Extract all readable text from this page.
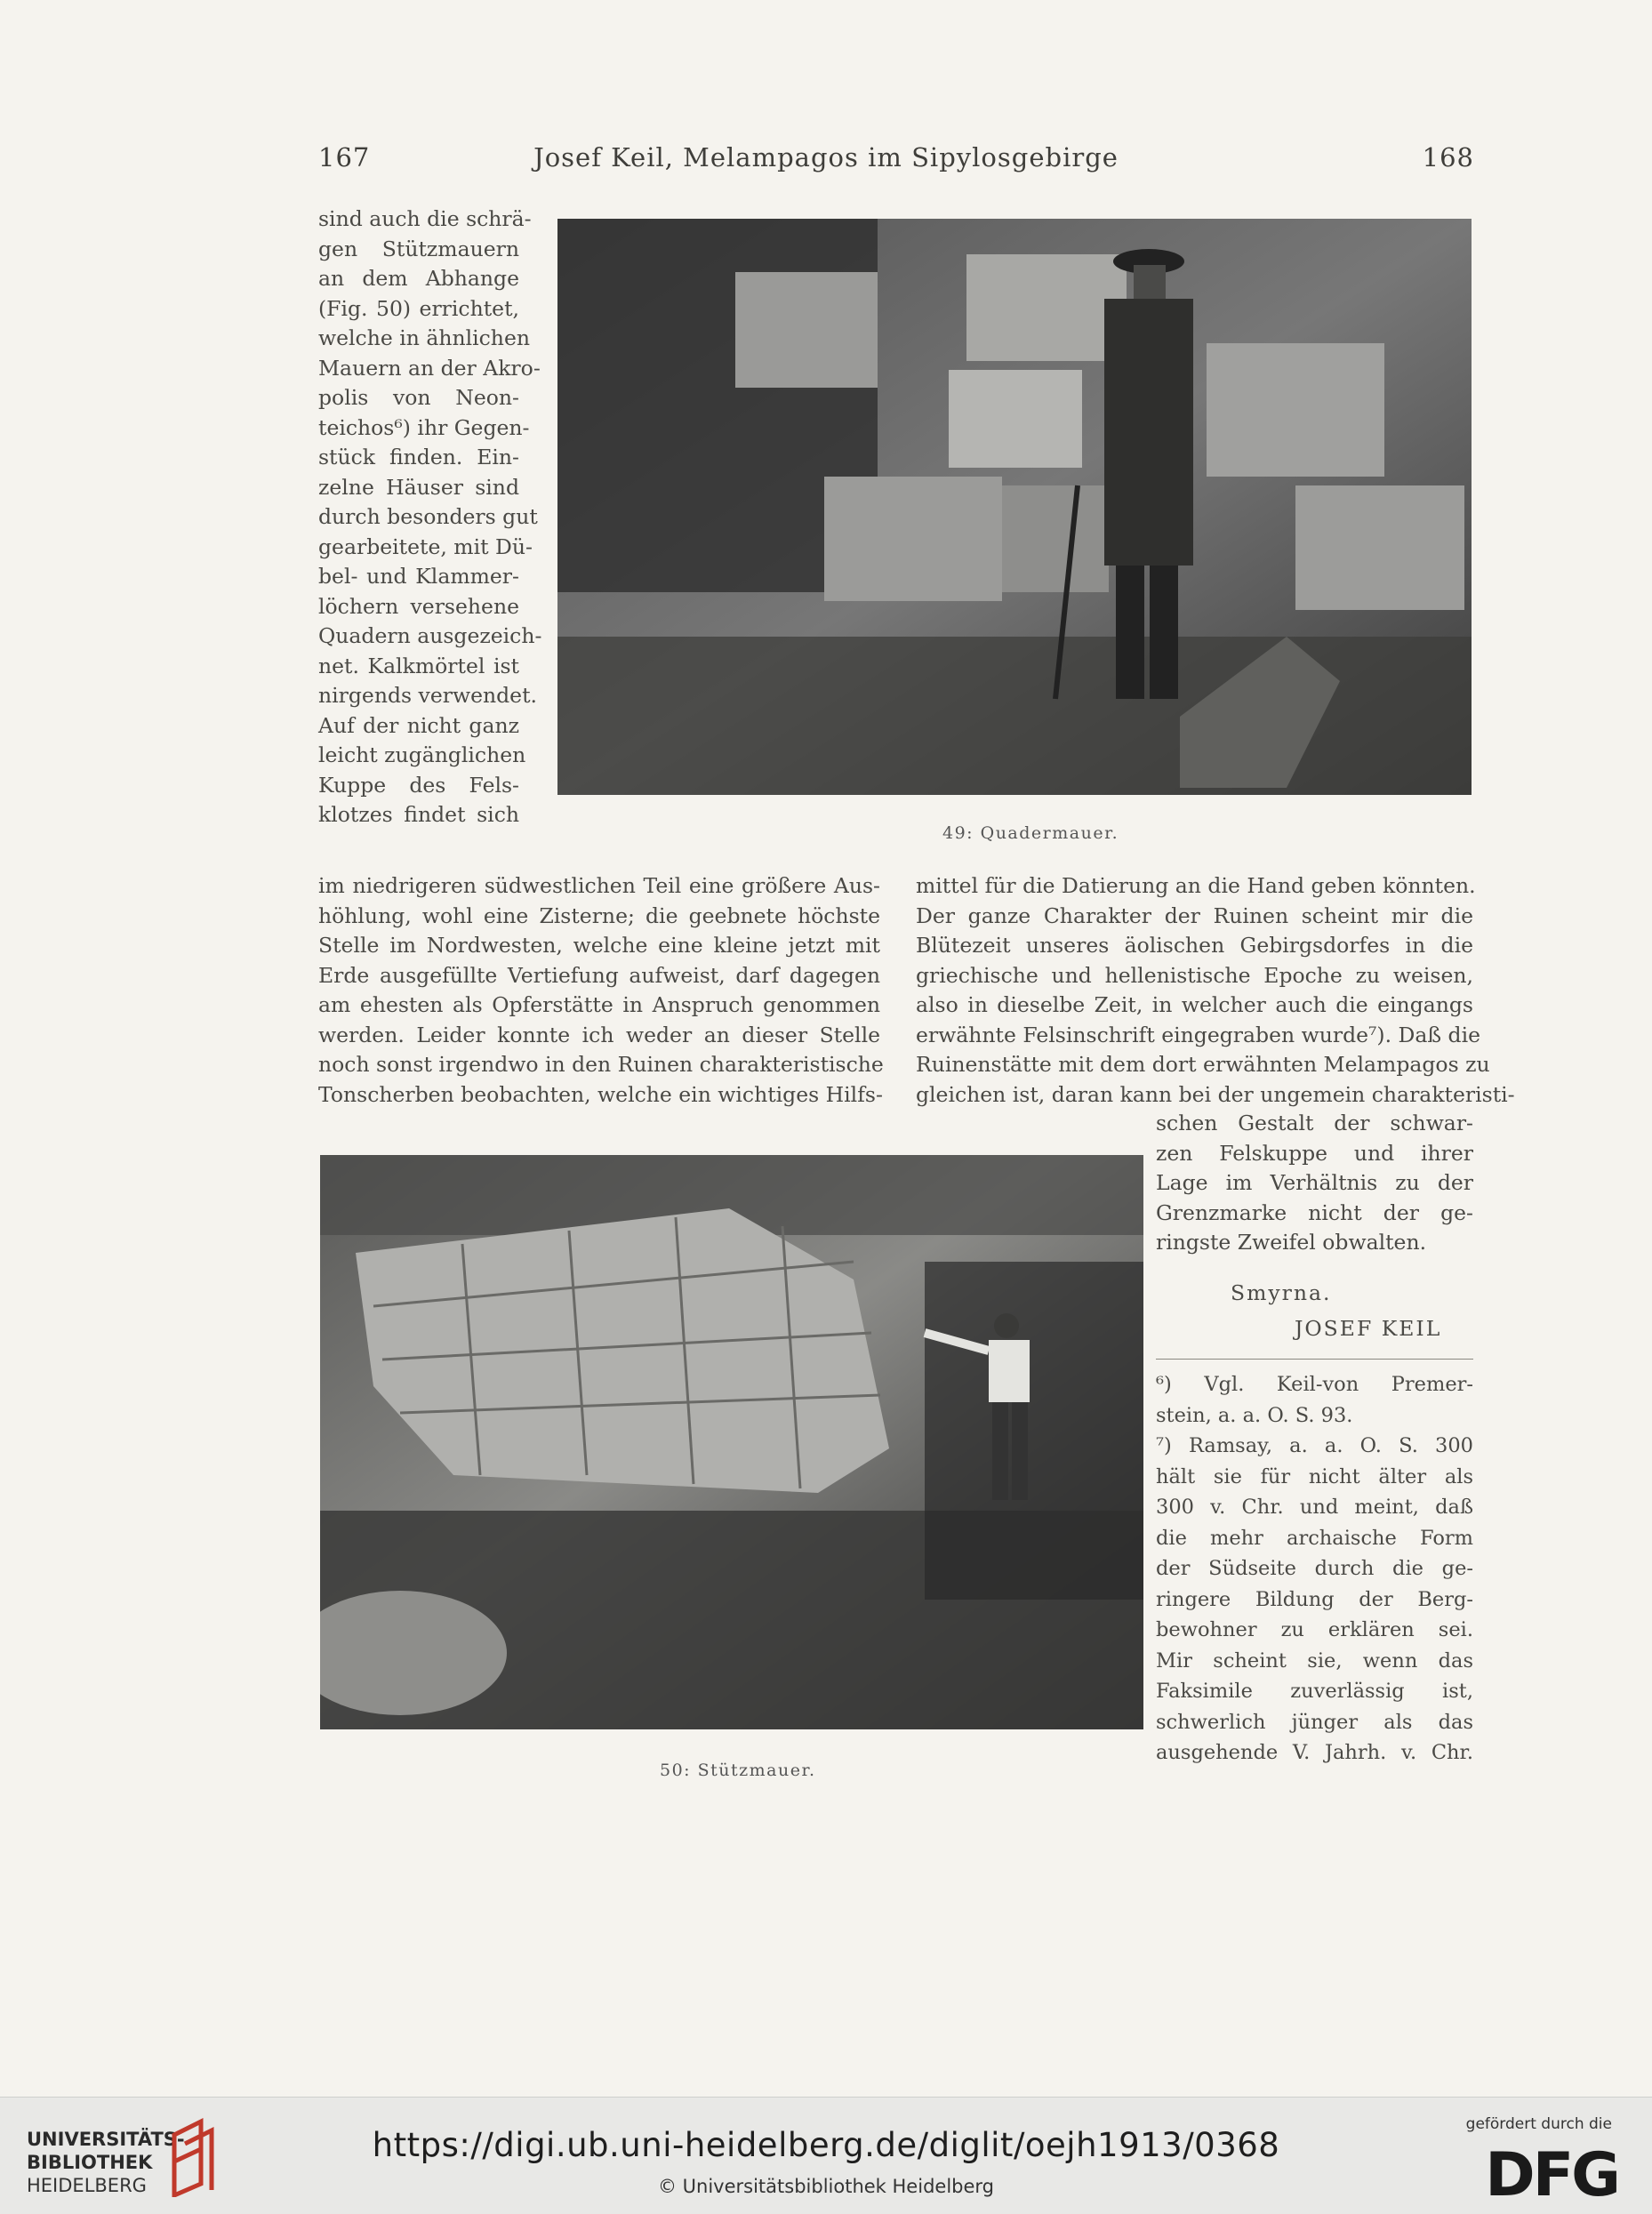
167	Josef Keil, Melampagos im Sipylosgebirge	168
sind auch die schrä-
gen Stützmauern
an dem Abhange
(Fig. 50) errichtet,
welche in ähnlichen
Mauern an der Akro-
polis von Neon-
teichos⁶) ihr Gegen-
stück finden. Ein-
zelne Häuser sind
durch besonders gut
gearbeitete, mit Dü-
bel- und Klammer-
löchern versehene
Quadern ausgezeich-
net. Kalkmörtel ist
nirgends verwendet.
Auf der nicht ganz
leicht zugänglichen
Kuppe des Fels-
klotzes findet sich
49: Quadermauer.
im niedrigeren südwestlichen Teil eine größere Aus-
höhlung, wohl eine Zisterne; die geebnete höchste
Stelle im Nordwesten, welche eine kleine jetzt mit
Erde ausgefüllte Vertiefung aufweist, darf dagegen
am ehesten als Opferstätte in Anspruch genommen
werden. Leider konnte ich weder an dieser Stelle
noch sonst irgendwo in den Ruinen charakteristische
Tonscherben beobachten, welche ein wichtiges Hilfs-
mittel für die Datierung an die Hand geben könnten.
Der ganze Charakter der Ruinen scheint mir die
Blütezeit unseres äolischen Gebirgsdorfes in die
griechische und hellenistische Epoche zu weisen,
also in dieselbe Zeit, in welcher auch die eingangs
erwähnte Felsinschrift eingegraben wurde⁷). Daß die
Ruinenstätte mit dem dort erwähnten Melampagos zu
gleichen ist, daran kann bei der ungemein charakteristi-
50: Stützmauer.
schen Gestalt der schwar-
zen Felskuppe und ihrer
Lage im Verhältnis zu der
Grenzmarke nicht der ge-
ringste Zweifel obwalten.
Smyrna.
JOSEF KEIL
⁶) Vgl. Keil-von Premer-
stein, a. a. O. S. 93.
⁷) Ramsay, a. a. O. S. 300
hält sie für nicht älter als
300 v. Chr. und meint, daß
die mehr archaische Form
der Südseite durch die ge-
ringere Bildung der Berg-
bewohner zu erklären sei.
Mir scheint sie, wenn das
Faksimile zuverlässig ist,
schwerlich jünger als das
ausgehende V. Jahrh. v. Chr.
UNIVERSITÄTS-
BIBLIOTHEK
HEIDELBERG
https://digi.ub.uni-heidelberg.de/diglit/oejh1913/0368
© Universitätsbibliothek Heidelberg
gefördert durch die
DFG
